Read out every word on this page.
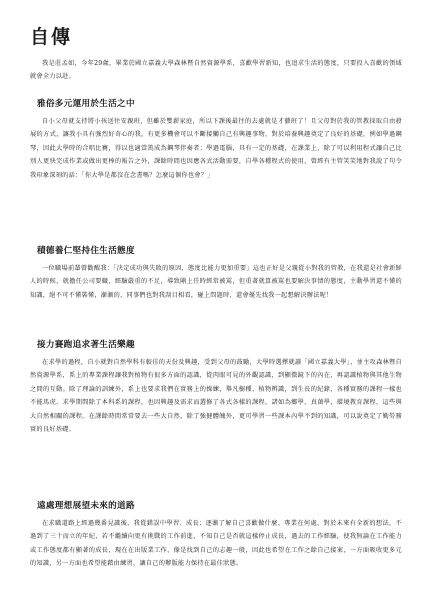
自傳

我是莊孟如，今年29歲，畢業於國立嘉義大學森林暨自然資源學系，喜歡學習新知，也追求生活的態度，只要投入喜歡的領域就會全力以赴。

雅俗多元運用於生活之中

自小父母就支持將小孩送往安親班，但雖於雙薪家庭，所以下課後最往的去處就是才藝班了！且父母對於我的管教採取自由發展的方式，讓我小具有強烈好奇心的我，有更多機會可以不斷接觸自己有興趣事物，對於培養興趣奠定了良好的基礎，例如學過鋼琴，因此大學時的合唱比賽，得以也適當篤成為鋼琴伴奏者；學過電腦，具有一定的基礎，在課業上，除了可以利用程式讓自己比別人更快完成作業或做出更棒的報告之外，課餘時間也因應各式活動需要，自學各種程式的使用，曾經有主管笑笑地對我說了句令我印象深刻的話：「你大學是都沒在念書嗎？怎麼這個你也會？」

積德養仁堅持住生活態度

一位職場前輩曾勸醒我：「決定成功與失敗的原因，態度比能力更加重要」這也正好是父親從小對我的管教，在我還是社會新鮮人的時候，就擔任公司要職，經驗嚴重的不足，導致剛上任時經常被罵，但重著就算被罵也要解決事情的態度，主動學習還不懂的知識，絕不可不懂裝懂，漸漸的，同事們也對我刮目相看，碰上問題時，還會優先找我一起想解決辦法呢！

接力賽跑追求著生活樂趣

在求學的過程，自小就對自然學科有較佳的天份及興趣，受到父母的鼓勵，大學時選擇就讀「國立嘉義大學」，並主攻森林暨自然資源學系，系上的專業課程讓我對植物有很多方面的認識，從肉眼可見的外觀認識，到顯微鏡下的內在，再認識植物與其他生物之間的互動。除了理論的訓練外，系上也要求我們在實務上的操練，舉凡樹種、植物辨識，到生長的紀錄，各種實務的課程一樣也不能馬虎。求學期間除了本科系的課程，也因興趣及需求而選修了各式各樣的課程，諸如為鄉學、真菌學，環境教育課程，這些與大自然相關的課程。在課餘時間常常要去一些大自然，除了強健體魄外，更可學習一些課本內學不到的知識，可以說奠定了勤勞務實的良好基礎。

遠處理想展望未來的道路

在求職道路上經過幾番見識後，我從錯誤中學習、成長；逐漸了解自己喜歡做什麼、專業在何處、對於未來有全新的想法，不過到了三十而立的年紀，若不繼續向更有挑戰的工作前進，不知自己是否就這樣停止成長，過去的工作經驗，使我無論在工作能力或工作態度都有顯著的成長，現在在出版業工作，像是找到自己的志趣一般，因此也希望在工作之餘自己接案，一方面吸收更多元的知識，另一方面也希望能藉由練習，讓自己的辦版能力保持在最佳狀態。
